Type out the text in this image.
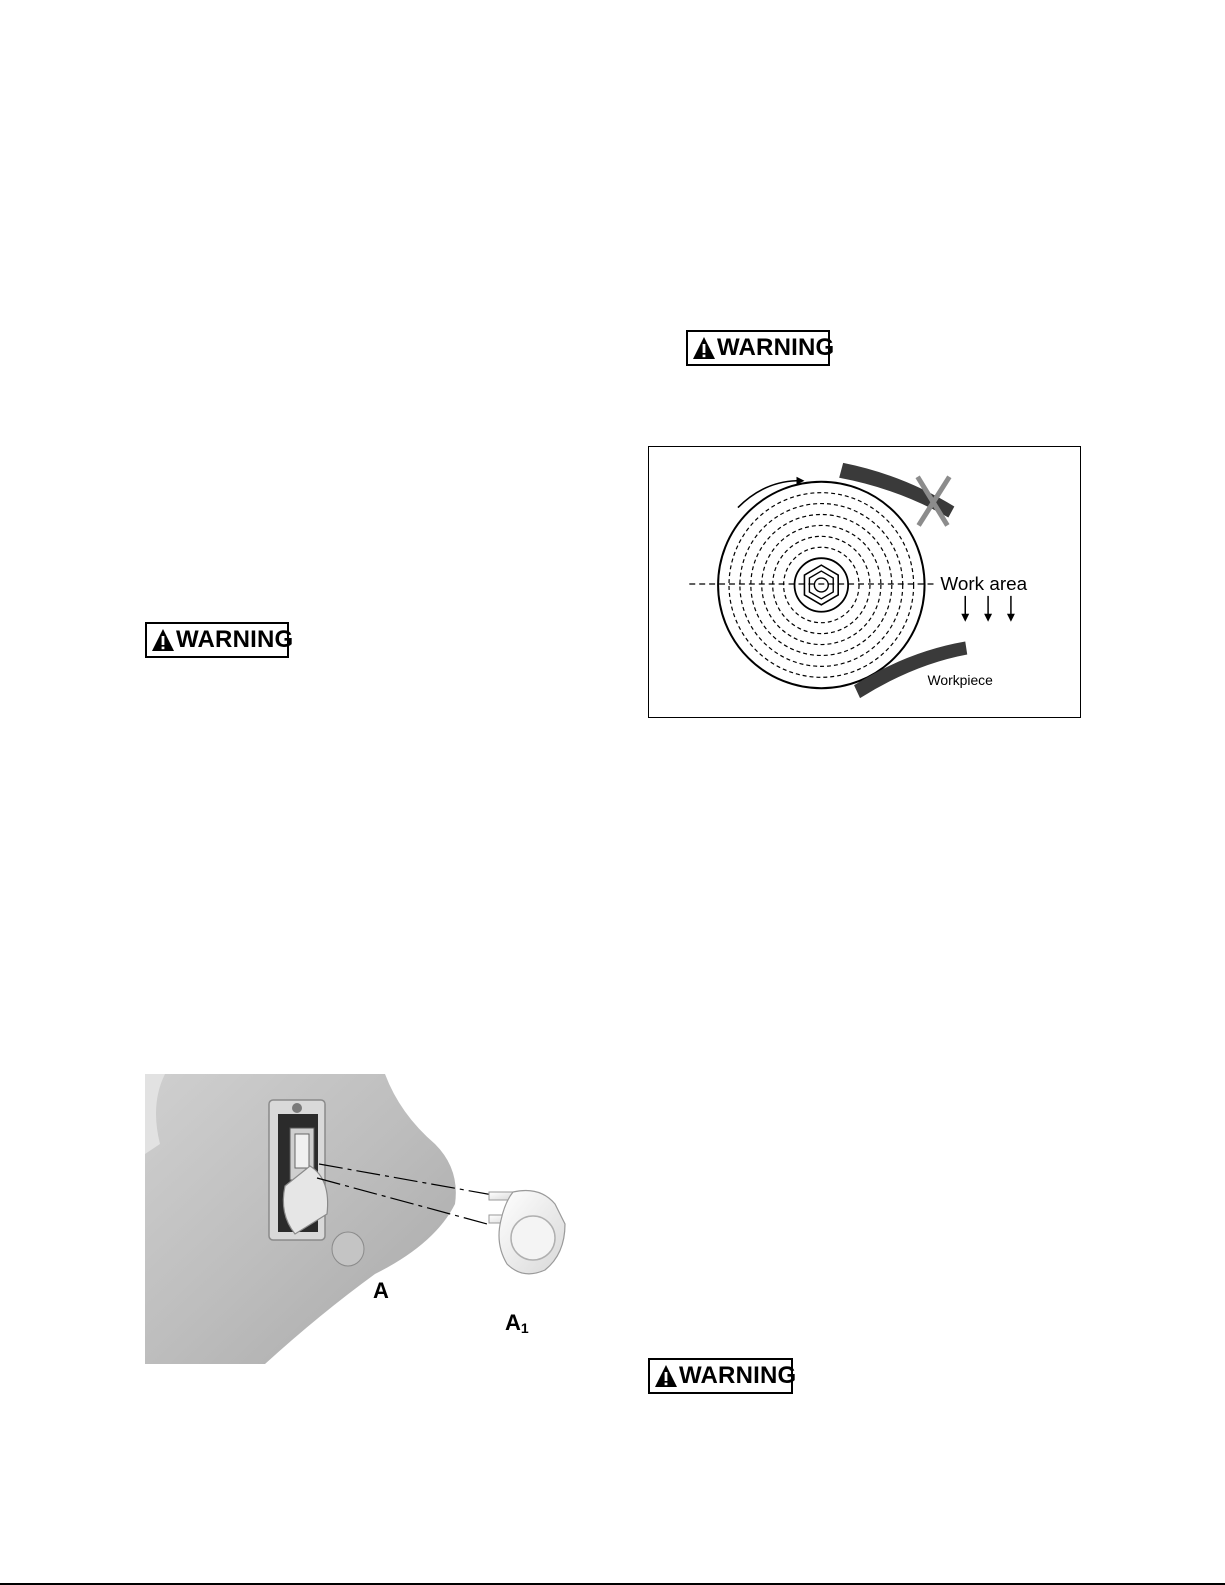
WARNING
Work area
Workpiece
WARNING
A
$A_1$
WARNING
